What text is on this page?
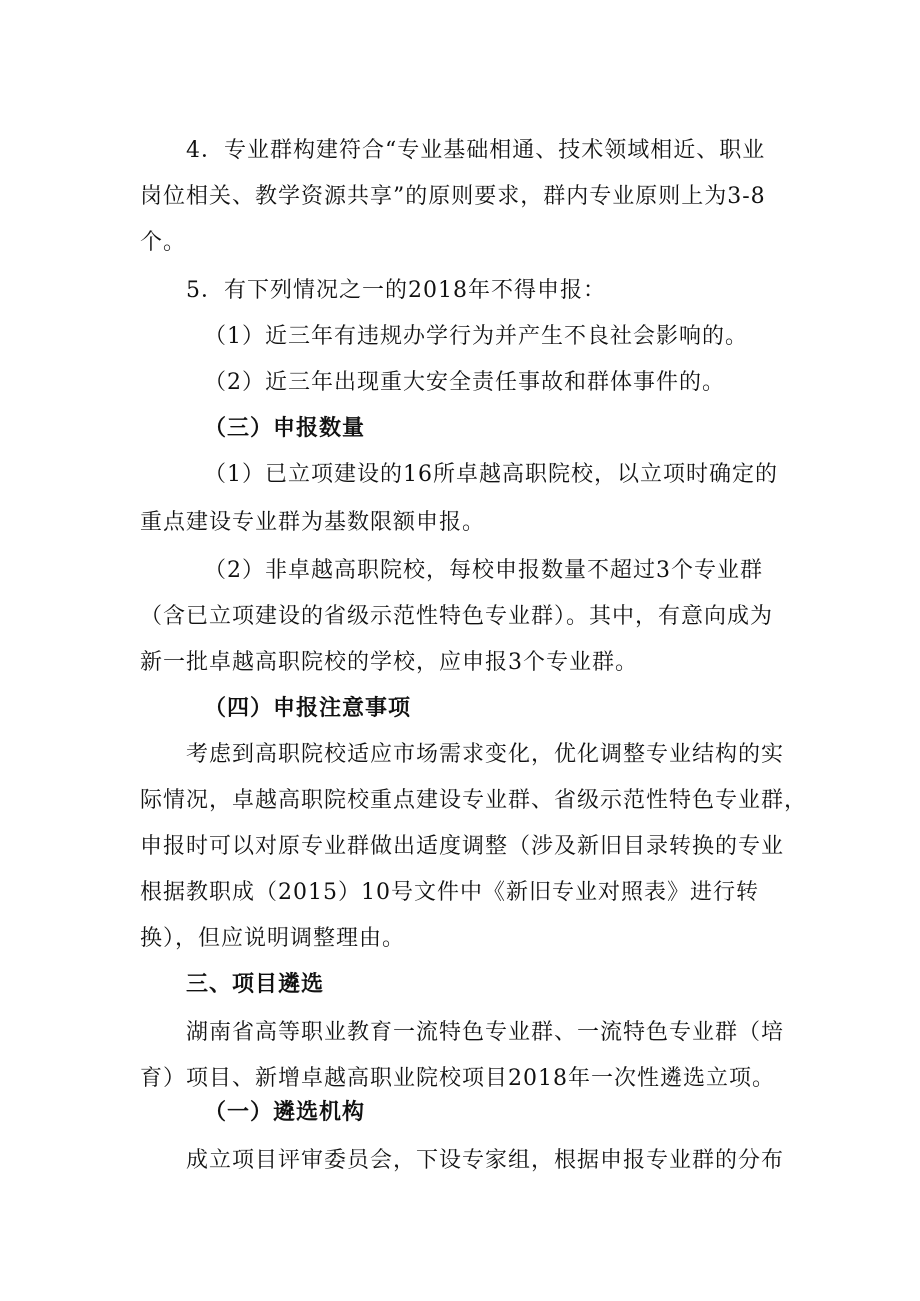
4．专业群构建符合“专业基础相通、技术领域相近、职业
岗位相关、教学资源共享”的原则要求，群内专业原则上为3-8
个。
5．有下列情况之一的2018年不得申报：
（1）近三年有违规办学行为并产生不良社会影响的。
（2）近三年出现重大安全责任事故和群体事件的。
（三）申报数量
（1）已立项建设的16所卓越高职院校，以立项时确定的
重点建设专业群为基数限额申报。
（2）非卓越高职院校，每校申报数量不超过3个专业群
（含已立项建设的省级示范性特色专业群）。其中，有意向成为
新一批卓越高职院校的学校，应申报3个专业群。
（四）申报注意事项
考虑到高职院校适应市场需求变化，优化调整专业结构的实
际情况，卓越高职院校重点建设专业群、省级示范性特色专业群，
申报时可以对原专业群做出适度调整（涉及新旧目录转换的专业
根据教职成（2015）10号文件中《新旧专业对照表》进行转
换），但应说明调整理由。
三、项目遴选
湖南省高等职业教育一流特色专业群、一流特色专业群（培
育）项目、新增卓越高职业院校项目2018年一次性遴选立项。
（一）遴选机构
成立项目评审委员会，下设专家组，根据申报专业群的分布
